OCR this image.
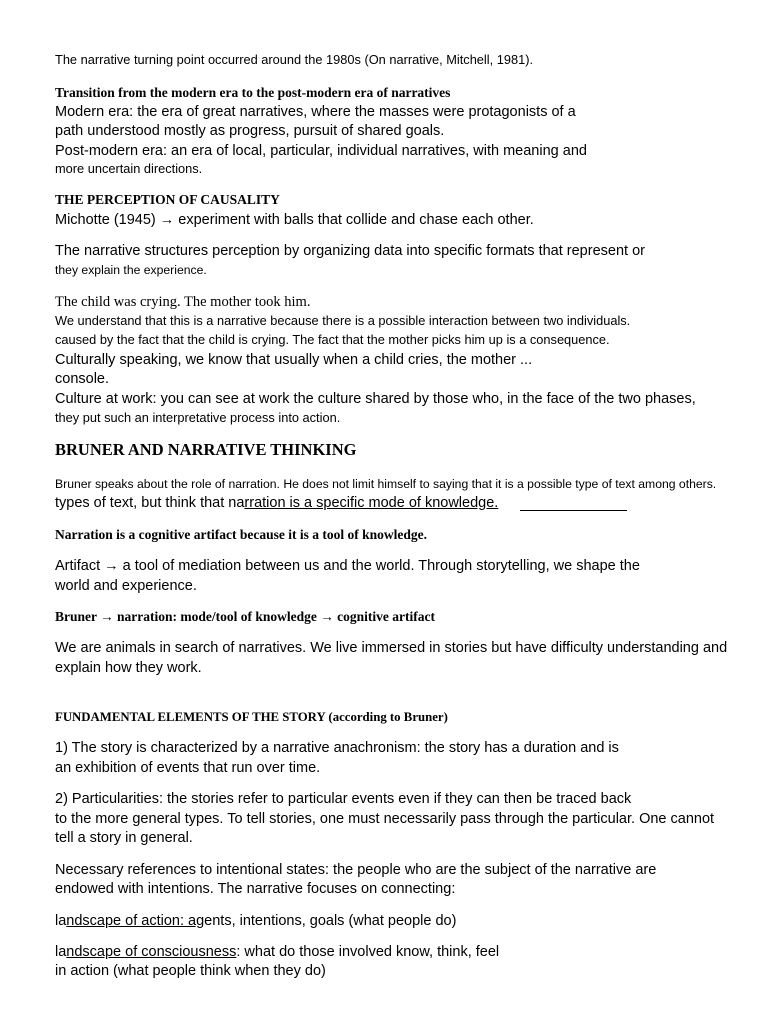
The narrative turning point occurred around the 1980s (On narrative, Mitchell, 1981).
Transition from the modern era to the post-modern era of narratives
Modern era: the era of great narratives, where the masses were protagonists of a
path understood mostly as progress, pursuit of shared goals.
Post-modern era: an era of local, particular, individual narratives, with meaning and
more uncertain directions.
THE PERCEPTION OF CAUSALITY
Michotte (1945) → experiment with balls that collide and chase each other.
The narrative structures perception by organizing data into specific formats that represent or
they explain the experience.
The child was crying. The mother took him.
We understand that this is a narrative because there is a possible interaction between two individuals.
caused by the fact that the child is crying. The fact that the mother picks him up is a consequence.
Culturally speaking, we know that usually when a child cries, the mother ...
console.
Culture at work: you can see at work the culture shared by those who, in the face of the two phases,
they put such an interpretative process into action.
BRUNER AND NARRATIVE THINKING
Bruner speaks about the role of narration. He does not limit himself to saying that it is a possible type of text among others.
types of text, but think that narration is a specific mode of knowledge.
Narration is a cognitive artifact because it is a tool of knowledge.
Artifact → a tool of mediation between us and the world. Through storytelling, we shape the
world and experience.
Bruner → narration: mode/tool of knowledge → cognitive artifact
We are animals in search of narratives. We live immersed in stories but have difficulty understanding and
explain how they work.
FUNDAMENTAL ELEMENTS OF THE STORY (according to Bruner)
1) The story is characterized by a narrative anachronism: the story has a duration and is
an exhibition of events that run over time.
2) Particularities: the stories refer to particular events even if they can then be traced back
to the more general types. To tell stories, one must necessarily pass through the particular. One cannot
tell a story in general.
Necessary references to intentional states: the people who are the subject of the narrative are
endowed with intentions. The narrative focuses on connecting:
landscape of action: agents, intentions, goals (what people do)
landscape of consciousness: what do those involved know, think, feel
in action (what people think when they do)
